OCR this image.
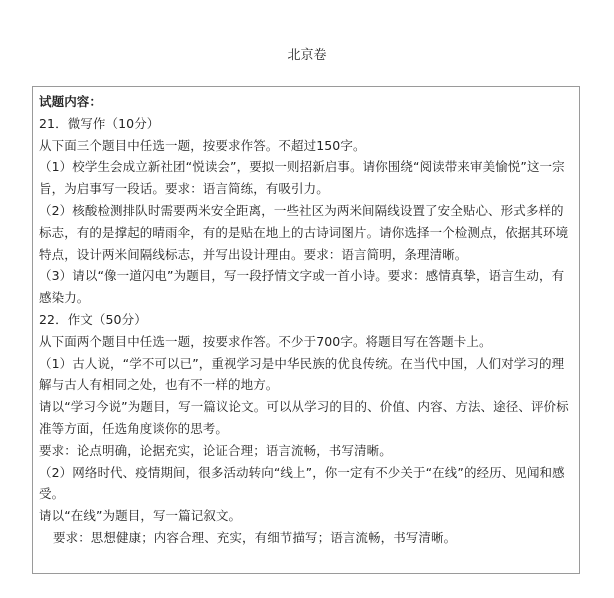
北京卷
试题内容：
21．微写作（10分）
从下面三个题目中任选一题，按要求作答。不超过150字。
（1）校学生会成立新社团“悦读会”，要拟一则招新启事。请你围绕“阅读带来审美愉悦”这一宗旨，为启事写一段话。要求：语言简练，有吸引力。
（2）核酸检测排队时需要两米安全距离，一些社区为两米间隔线设置了安全贴心、形式多样的标志，有的是撑起的晴雨伞，有的是贴在地上的古诗词图片。请你选择一个检测点，依据其环境特点，设计两米间隔线标志，并写出设计理由。要求：语言简明，条理清晰。
（3）请以“像一道闪电”为题目，写一段抒情文字或一首小诗。要求：感情真挚，语言生动，有感染力。
22．作文（50分）
从下面两个题目中任选一题，按要求作答。不少于700字。将题目写在答题卡上。
（1）古人说，“学不可以已”，重视学习是中华民族的优良传统。在当代中国，人们对学习的理解与古人有相同之处，也有不一样的地方。
请以“学习今说”为题目，写一篇议论文。可以从学习的目的、价值、内容、方法、途径、评价标准等方面，任选角度谈你的思考。
要求：论点明确，论据充实，论证合理；语言流畅，书写清晰。
（2）网络时代、疫情期间，很多活动转向“线上”，你一定有不少关于“在线”的经历、见闻和感受。
请以“在线”为题目，写一篇记叙文。
要求：思想健康；内容合理、充实，有细节描写；语言流畅，书写清晰。
